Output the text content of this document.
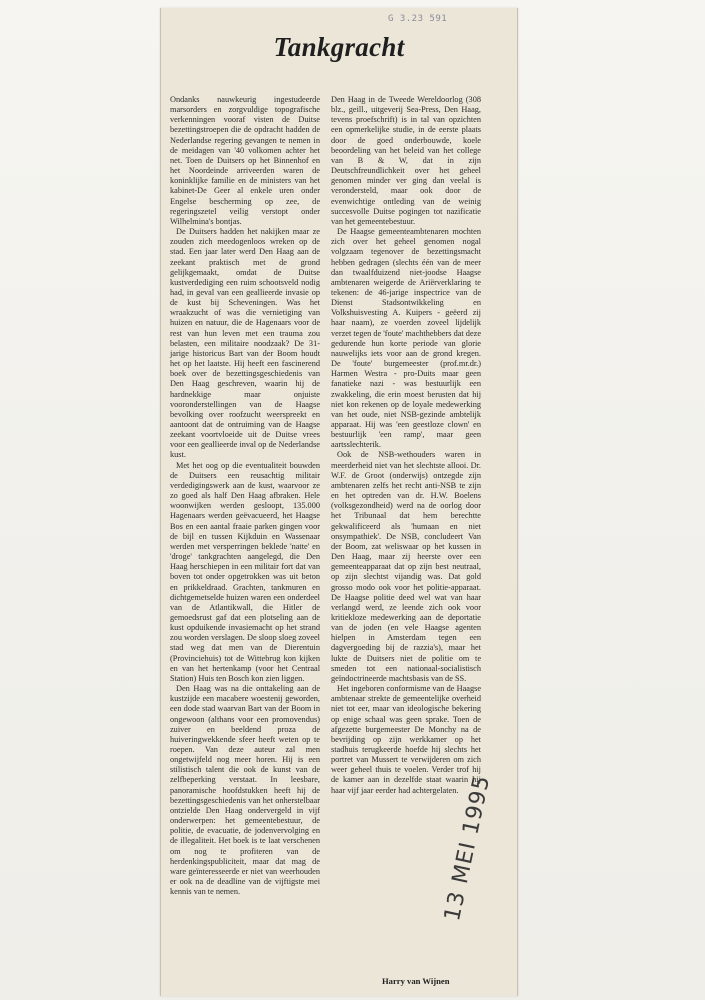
Tankgracht

Ondanks nauwkeurig ingestudeerde marsorders en zorgvuldige topografische verkenningen vooraf visten de Duitse bezettingstroepen die de opdracht hadden de Nederlandse regering gevangen te nemen in de meidagen van '40 volkomen achter het net. Toen de Duitsers op het Binnenhof en het Noordeinde arriveerden waren de koninklijke familie en de ministers van het kabinet-De Geer al enkele uren onder Engelse bescherming op zee, de regeringszetel veilig verstopt onder Wilhelmina's bontjas.

De Duitsers hadden het nakijken maar ze zouden zich meedogenloos wreken op de stad. Een jaar later werd Den Haag aan de zeekant praktisch met de grond gelijkgemaakt, omdat de Duitse kustverdediging een ruim schootsveld nodig had, in geval van een geallieerde invasie op de kust bij Scheveningen. Was het wraakzucht of was die vernietiging van huizen en natuur, die de Hagenaars voor de rest van hun leven met een trauma zou belasten, een militaire noodzaak? De 31-jarige historicus Bart van der Boom houdt het op het laatste. Hij heeft een fascinerend boek over de bezettingsgeschiedenis van Den Haag geschreven, waarin hij de hardnekkige maar onjuiste vooronderstellingen van de Haagse bevolking over roofzucht weerspreekt en aantoont dat de ontruiming van de Haagse zeekant voortvloeide uit de Duitse vrees voor een geallieerde inval op de Nederlandse kust.

Met het oog op die eventualiteit bouwden de Duitsers een reusachtig militair verdedigingswerk aan de kust, waarvoor ze zo goed als half Den Haag afbraken. Hele woonwijken werden gesloopt, 135.000 Hagenaars werden geëvacueerd, het Haagse Bos en een aantal fraaie parken gingen voor de bijl en tussen Kijkduin en Wassenaar werden met versperringen beklede 'natte' en 'droge' tankgrachten aangelegd, die Den Haag herschiepen in een militair fort dat van boven tot onder opgetrokken was uit beton en prikkeldraad. Grachten, tankmuren en dichtgemetselde huizen waren een onderdeel van de Atlantikwall, die Hitler de gemoedsrust gaf dat een plotseling aan de kust opduikende invasiemacht op het strand zou worden verslagen. De sloop sloeg zoveel stad weg dat men van de Dierentuin (Provinciehuis) tot de Wittebrug kon kijken en van het hertenkamp (voor het Centraal Station) Huis ten Bosch kon zien liggen.

Den Haag was na die onttakeling aan de kustzijde een macabere woestenij geworden, een dode stad waarvan Bart van der Boom in ongewoon (althans voor een promovendus) zuiver en beeldend proza de huiveringwekkende sfeer heeft weten op te roepen. Van deze auteur zal men ongetwijfeld nog meer horen. Hij is een stilistisch talent die ook de kunst van de zelfbeperking verstaat. In leesbare, panoramische hoofdstukken heeft hij de bezettingsgeschiedenis van het onherstelbaar ontzielde Den Haag ondervergeld in vijf onderwerpen: het gemeentebestuur, de politie, de evacuatie, de jodenvervolging en de illegaliteit. Het boek is te laat verschenen om nog te profiteren van de herdenkingspubliciteit, maar dat mag de ware geïnteresseerde er niet van weerhouden er ook na de deadline van de vijftigste mei kennis van te nemen.

Den Haag in de Tweede Wereldoorlog (308 blz., geill., uitgeverij Sea-Press, Den Haag, tevens proefschrift) is in tal van opzichten een opmerkelijke studie, in de eerste plaats door de goed onderbouwde, koele beoordeling van het beleid van het college van B & W, dat in zijn Deutschfreundlichkeit over het geheel genomen minder ver ging dan veelal is verondersteld, maar ook door de evenwichtige ontleding van de weinig succesvolle Duitse pogingen tot nazificatie van het gemeentebestuur.

De Haagse gemeenteambtenaren mochten zich over het geheel genomen nogal volgzaam tegenover de bezettingsmacht hebben gedragen (slechts één van de meer dan twaalfduizend niet-joodse Haagse ambtenaren weigerde de Ariërverklaring te tekenen: de 46-jarige inspectrice van de Dienst Stadsontwikkeling en Volkshuisvesting A. Kuipers - geëerd zij haar naam), ze voerden zoveel lijdelijk verzet tegen de 'foute' machthebbers dat deze gedurende hun korte periode van glorie nauwelijks iets voor aan de grond kregen. De 'foute' burgemeester (prof.mr.dr.) Harmen Westra - pro-Duits maar geen fanatieke nazi - was bestuurlijk een zwakkeling, die erin moest berusten dat hij niet kon rekenen op de loyale medewerking van het oude, niet NSB-gezinde ambtelijk apparaat. Hij was 'een geestloze clown' en bestuurlijk 'een ramp', maar geen aartsslechterik.

Ook de NSB-wethouders waren in meerderheid niet van het slechtste allooi. Dr. W.F. de Groot (onderwijs) ontzegde zijn ambtenaren zelfs het recht anti-NSB te zijn en het optreden van dr. H.W. Boelens (volksgezondheid) werd na de oorlog door het Tribunaal dat hem berechtte gekwalificeerd als 'humaan en niet onsympathiek'. De NSB, concludeert Van der Boom, zat weliswaar op het kussen in Den Haag, maar zij heerste over een gemeenteapparaat dat op zijn best neutraal, op zijn slechtst vijandig was. Dat gold grosso modo ook voor het politie-apparaat. De Haagse politie deed wel wat van haar verlangd werd, ze leende zich ook voor kritiekloze medewerking aan de deportatie van de joden (en vele Haagse agenten hielpen in Amsterdam tegen een dagvergoeding bij de razzia's), maar het lukte de Duitsers niet de politie om te smeden tot een nationaal-socialistisch geïndoctrineerde machtsbasis van de SS.

Het ingeboren conformisme van de Haagse ambtenaar strekte de gemeentelijke overheid niet tot eer, maar van ideologische bekering op enige schaal was geen sprake. Toen de afgezette burgemeester De Monchy na de bevrijding op zijn werkkamer op het stadhuis terugkeerde hoefde hij slechts het portret van Mussert te verwijderen om zich weer geheel thuis te voelen. Verder trof hij de kamer aan in dezelfde staat waarin hij haar vijf jaar eerder had achtergelaten.

G 3.23 591
Harry van Wijnen
13 MEI 1995
